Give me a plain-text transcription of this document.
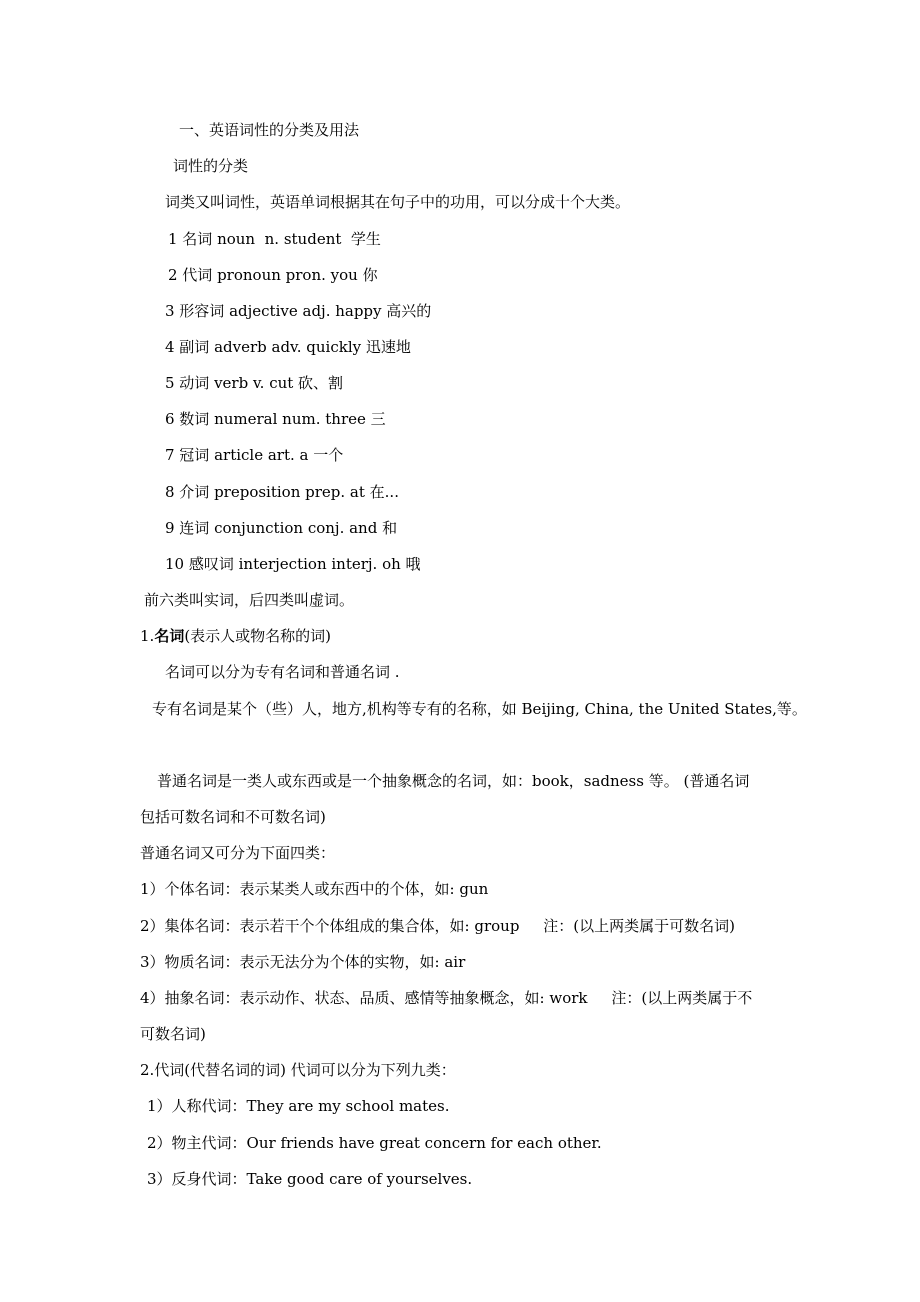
一、英语词性的分类及用法
词性的分类
词类又叫词性，英语单词根据其在句子中的功用，可以分成十个大类。
1 名词 noun  n. student  学生
2 代词 pronoun pron. you 你
3 形容词 adjective adj. happy 高兴的
4 副词 adverb adv. quickly 迅速地
5 动词 verb v. cut 砍、割
6 数词 numeral num. three 三
7 冠词 article art. a 一个
8 介词 preposition prep. at 在...
9 连词 conjunction conj. and 和
10 感叹词 interjection interj. oh 哦
前六类叫实词，后四类叫虚词。
1.名词(表示人或物名称的词)
名词可以分为专有名词和普通名词 .
专有名词是某个（些）人，地方,机构等专有的名称，如 Beijing, China, the United States,等。
普通名词是一类人或东西或是一个抽象概念的名词，如：book，sadness 等。 (普通名词
包括可数名词和不可数名词)
普通名词又可分为下面四类：
1）个体名词：表示某类人或东西中的个体，如: gun
2）集体名词：表示若干个个体组成的集合体，如: group     注：(以上两类属于可数名词)
3）物质名词：表示无法分为个体的实物，如: air
4）抽象名词：表示动作、状态、品质、感情等抽象概念，如: work     注：(以上两类属于不
可数名词)
2.代词(代替名词的词) 代词可以分为下列九类：
1）人称代词：They are my school mates.
2）物主代词：Our friends have great concern for each other.
3）反身代词：Take good care of yourselves.
